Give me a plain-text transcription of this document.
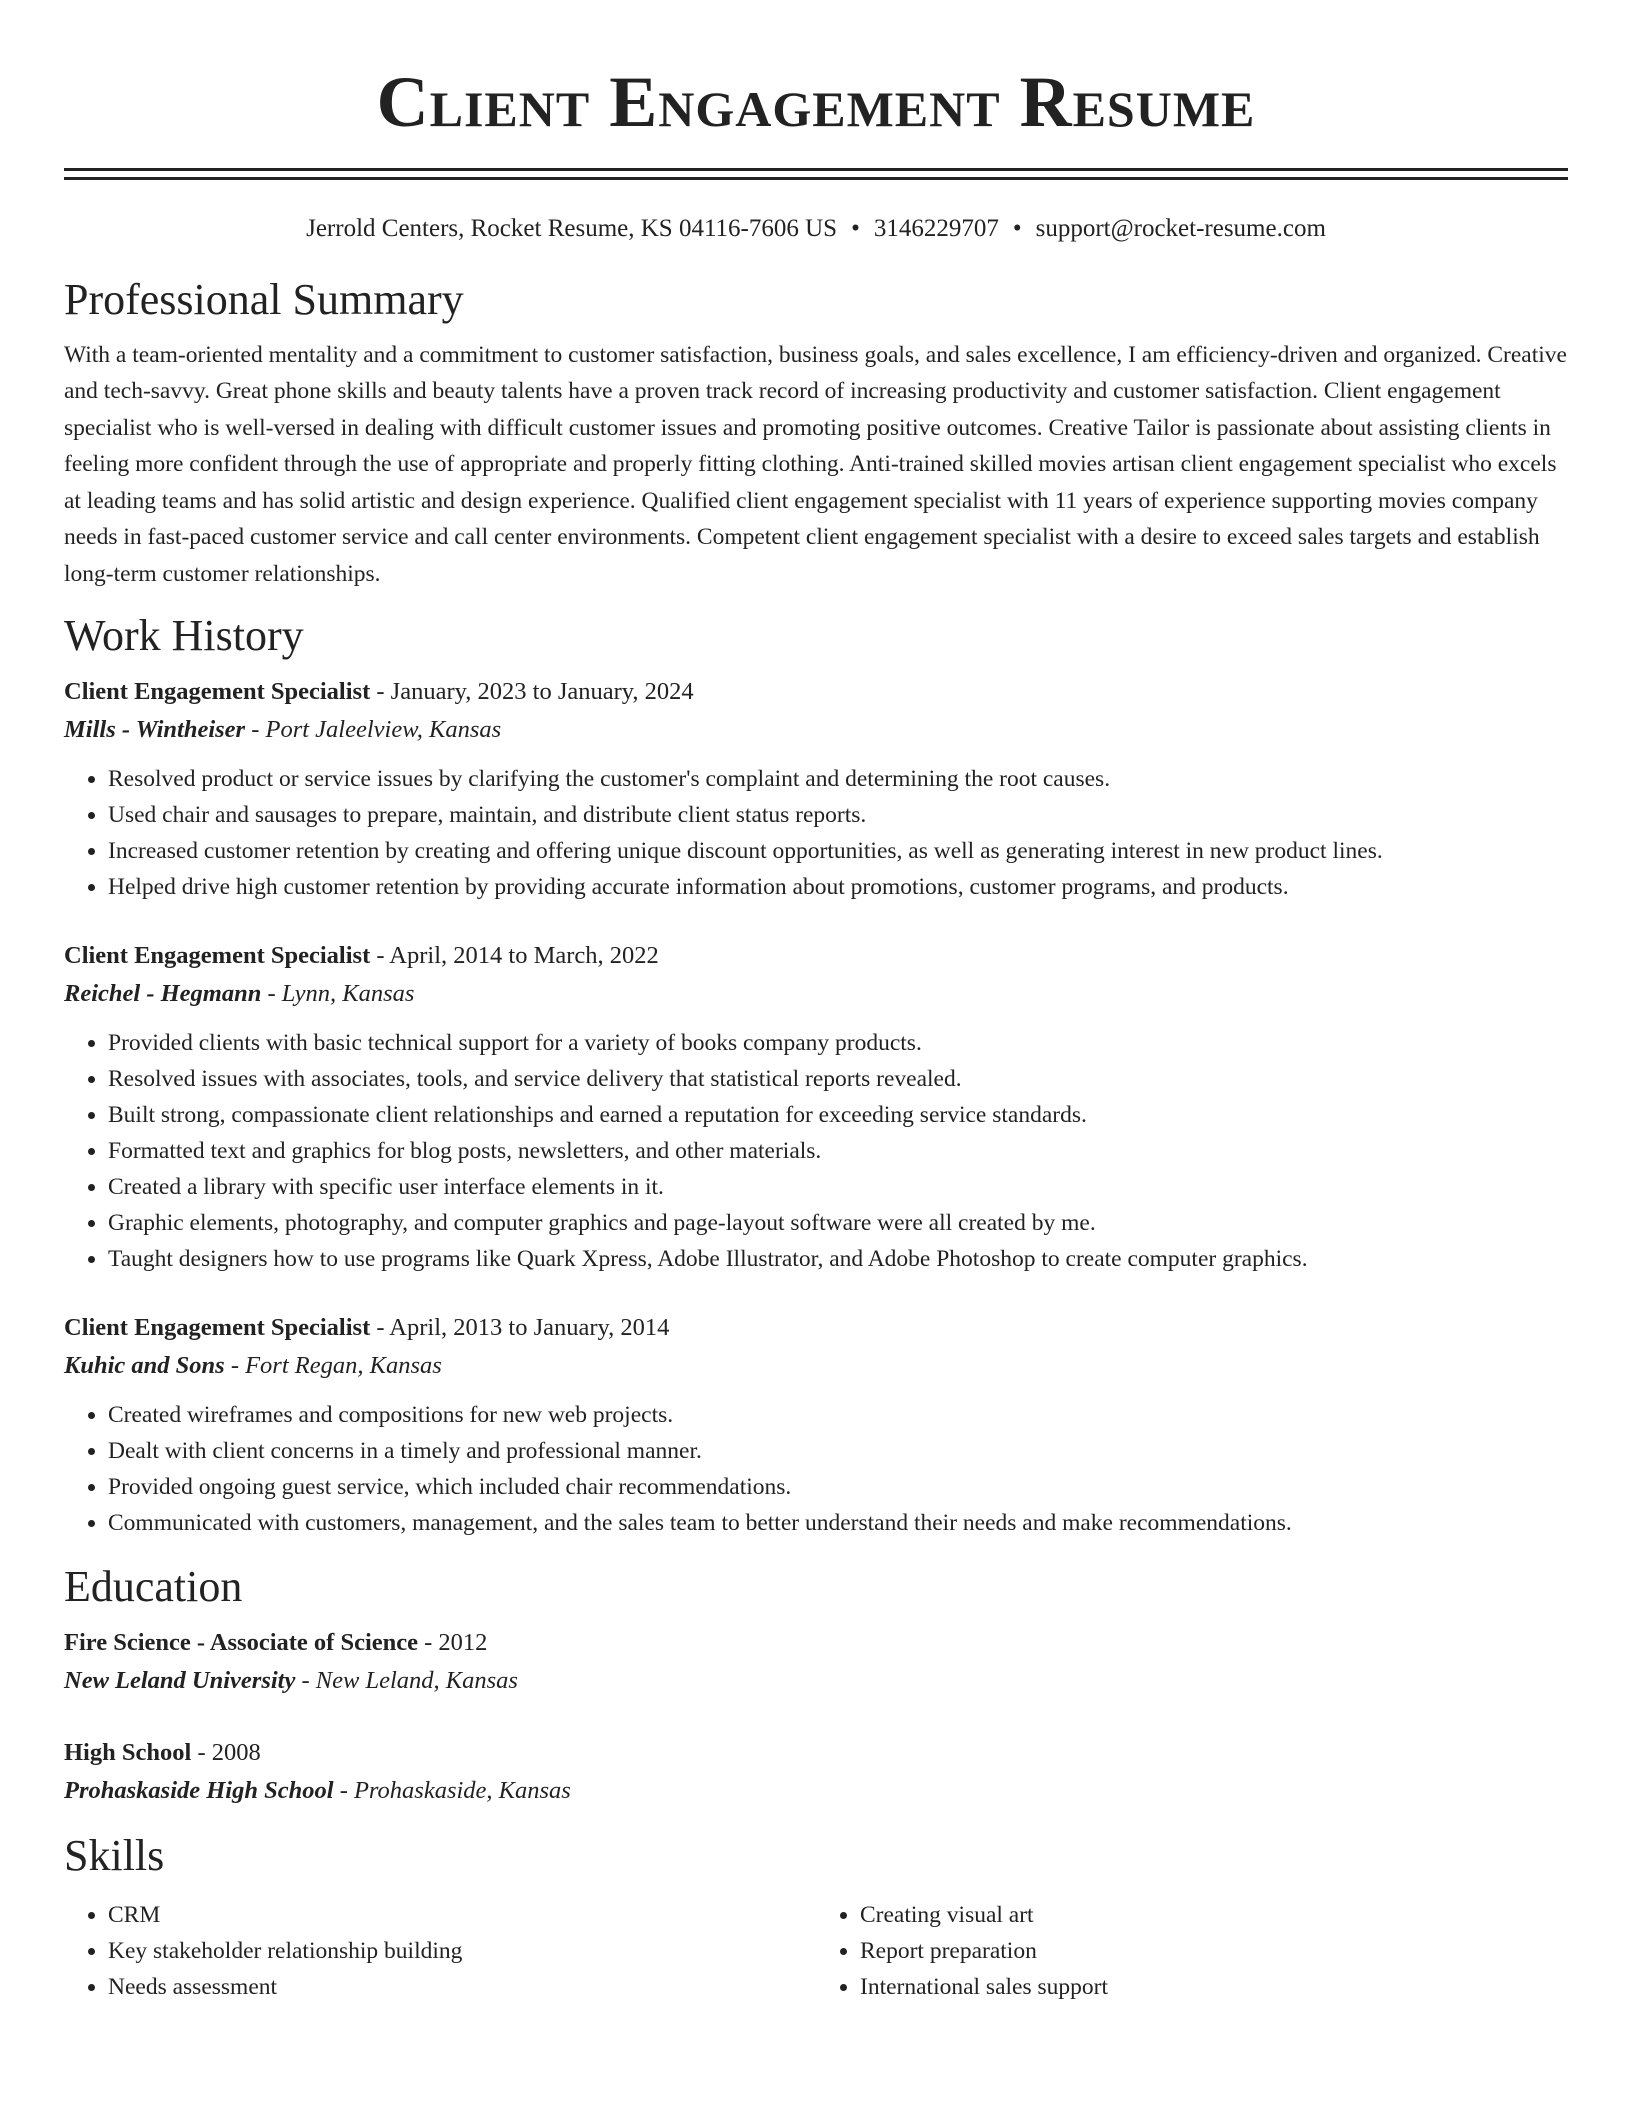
Client Engagement Resume
Jerrold Centers, Rocket Resume, KS 04116-7606 US • 3146229707 • support@rocket-resume.com
Professional Summary

With a team-oriented mentality and a commitment to customer satisfaction, business goals, and sales excellence, I am efficiency-driven and organized. Creative and tech-savvy. Great phone skills and beauty talents have a proven track record of increasing productivity and customer satisfaction. Client engagement specialist who is well-versed in dealing with difficult customer issues and promoting positive outcomes. Creative Tailor is passionate about assisting clients in feeling more confident through the use of appropriate and properly fitting clothing. Anti-trained skilled movies artisan client engagement specialist who excels at leading teams and has solid artistic and design experience. Qualified client engagement specialist with 11 years of experience supporting movies company needs in fast-paced customer service and call center environments. Competent client engagement specialist with a desire to exceed sales targets and establish long-term customer relationships.

Work History
Client Engagement Specialist - January, 2023 to January, 2024
Mills - Wintheiser - Port Jaleelview, Kansas
• Resolved product or service issues by clarifying the customer's complaint and determining the root causes.
• Used chair and sausages to prepare, maintain, and distribute client status reports.
• Increased customer retention by creating and offering unique discount opportunities, as well as generating interest in new product lines.
• Helped drive high customer retention by providing accurate information about promotions, customer programs, and products.
Client Engagement Specialist - April, 2014 to March, 2022
Reichel - Hegmann - Lynn, Kansas
• Provided clients with basic technical support for a variety of books company products.
• Resolved issues with associates, tools, and service delivery that statistical reports revealed.
• Built strong, compassionate client relationships and earned a reputation for exceeding service standards.
• Formatted text and graphics for blog posts, newsletters, and other materials.
• Created a library with specific user interface elements in it.
• Graphic elements, photography, and computer graphics and page-layout software were all created by me.
• Taught designers how to use programs like Quark Xpress, Adobe Illustrator, and Adobe Photoshop to create computer graphics.
Client Engagement Specialist - April, 2013 to January, 2014
Kuhic and Sons - Fort Regan, Kansas
• Created wireframes and compositions for new web projects.
• Dealt with client concerns in a timely and professional manner.
• Provided ongoing guest service, which included chair recommendations.
• Communicated with customers, management, and the sales team to better understand their needs and make recommendations.
Education
Fire Science - Associate of Science - 2012
New Leland University - New Leland, Kansas
High School - 2008
Prohaskaside High School - Prohaskaside, Kansas
Skills
• CRM
• Key stakeholder relationship building
• Needs assessment
• Creating visual art
• Report preparation
• International sales support
